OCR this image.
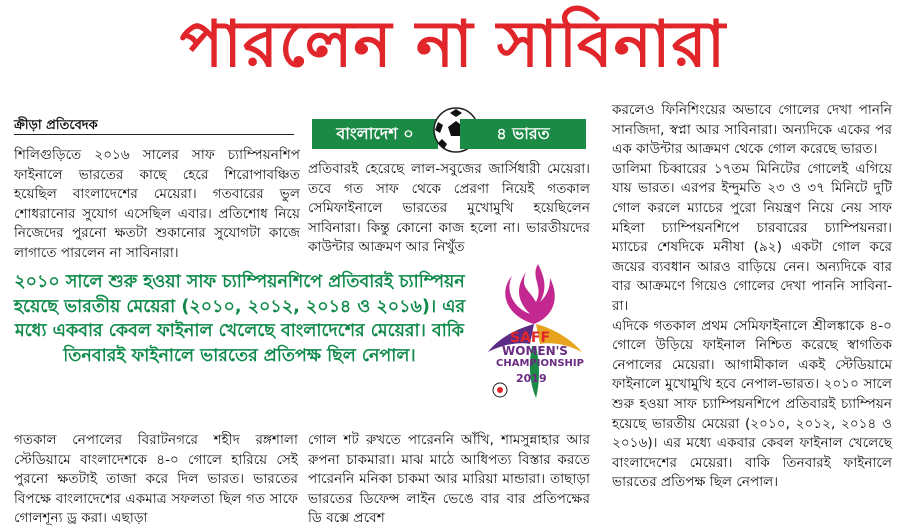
পারলেন না সাবিনারা
ক্রীড়া প্রতিবেদক

শিলিগুড়িতে ২০১৬ সালের সাফ চ্যাম্পিয়নশিপ ফাইনালে ভারতের কাছে হেরে শিরোপাবঞ্চিত হয়েছিল বাংলাদেশের মেয়েরা। গতবারের ভুল শোধরানোর সুযোগ এসেছিল এবার। প্রতিশোধ নিয়ে নিজেদের পুরনো ক্ষতটা শুকানোর সুযোগটা কাজে লাগাতে পারলেন না সাবিনারা।

বাংলাদেশ ০	৪ ভারত

প্রতিবারই হেরেছে লাল-সবুজের জার্সিধারী মেয়েরা। তবে গত সাফ থেকে প্রেরণা নিয়েই গতকাল সেমিফাইনালে ভারতের মুখোমুখি হয়েছিলেন সাবিনারা। কিন্তু কোনো কাজ হলো না। ভারতীয়দের কাউন্টার আক্রমণ আর নিখুঁত

২০১০ সালে শুরু হওয়া সাফ চ্যাম্পিয়নশিপে প্রতিবারই চ্যাম্পিয়ন হয়েছে ভারতীয় মেয়েরা (২০১০, ২০১২, ২০১৪ ও ২০১৬)। এর মধ্যে একবার কেবল ফাইনাল খেলেছে বাংলাদেশের মেয়েরা। বাকি তিনবারই ফাইনালে ভারতের প্রতিপক্ষ ছিল নেপাল।
SAFF
WOMEN'S
CHAMPIONSHIP
2019

গতকাল নেপালের বিরাটনগরে শহীদ রঙ্গশালা স্টেডিয়ামে বাংলাদেশকে ৪-০ গোলে হারিয়ে সেই পুরনো ক্ষতটাই তাজা করে দিল ভারত। ভারতের বিপক্ষে বাংলাদেশের একমাত্র সফলতা ছিল গত সাফে গোলশূন্য ড্র করা। এছাড়া

গোল শট রুখতে পারেননি আঁখি, শামসুন্নাহার আর রুপনা চাকমারা। মাঝ মাঠে আধিপত্য বিস্তার করতে পারেননি মনিকা চাকমা আর মারিয়া মান্ডারা। তাছাড়া ভারতের ডিফেন্স লাইন ভেঙে বার বার প্রতিপক্ষের ডি বক্সে প্রবেশ

করলেও ফিনিশিংয়ের অভাবে গোলের দেখা পাননি সানজিদা, স্বপ্না আর সাবিনারা। অন্যদিকে একের পর এক কাউন্টার আক্রমণ থেকে গোল করেছে ভারত।

ডালিমা চিব্বারের ১৭তম মিনিটের গোলেই এগিয়ে যায় ভারত। এরপর ইন্দুমতি ২৩ ও ৩৭ মিনিটে দুটি গোল করলে ম্যাচের পুরো নিয়ন্ত্রণ নিয়ে নেয় সাফ মহিলা চ্যাম্পিয়নশিপে চারবারের চ্যাম্পিয়নরা। ম্যাচের শেষদিকে মনীষা (৯২) একটা গোল করে জয়ের ব্যবধান আরও বাড়িয়ে নেন। অন্যদিকে বার বার আক্রমণে গিয়েও গোলের দেখা পাননি সাবিনা-রা।

এদিকে গতকাল প্রথম সেমিফাইনালে শ্রীলঙ্কাকে ৪-০ গোলে উড়িয়ে ফাইনাল নিশ্চিত করেছে স্বাগতিক নেপালের মেয়েরা। আগামীকাল একই স্টেডিয়ামে ফাইনালে মুখোমুখি হবে নেপাল-ভারত। ২০১০ সালে শুরু হওয়া সাফ চ্যাম্পিয়নশিপে প্রতিবারই চ্যাম্পিয়ন হয়েছে ভারতীয় মেয়েরা (২০১০, ২০১২, ২০১৪ ও ২০১৬)। এর মধ্যে একবার কেবল ফাইনাল খেলেছে বাংলাদেশের মেয়েরা। বাকি তিনবারই ফাইনালে ভারতের প্রতিপক্ষ ছিল নেপাল।
